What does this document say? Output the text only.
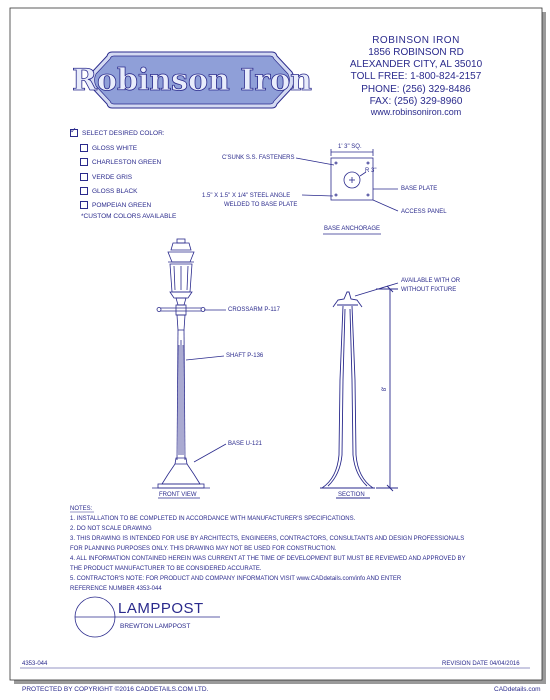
Robinson Iron
ROBINSON IRON
1856 ROBINSON RD
ALEXANDER CITY, AL 35010
TOLL FREE: 1-800-824-2157
PHONE: (256) 329-8486
FAX: (256) 329-8960
www.robinsoniron.com
✓
SELECT DESIRED COLOR:
GLOSS WHITE
CHARLESTON GREEN
VERDE GRIS
GLOSS BLACK
POMPEIAN GREEN
*CUSTOM COLORS AVAILABLE
1' 3" SQ.
R 3"
C'SUNK S.S. FASTENERS
1.5" X 1.5" X 1/4" STEEL ANGLE
WELDED TO BASE PLATE
BASE PLATE
ACCESS PANEL
BASE ANCHORAGE
CROSSARM P-117
SHAFT P-136
BASE U-121
FRONT VIEW
AVAILABLE WITH OR
WITHOUT FIXTURE
8'
SECTION
NOTES:
1. INSTALLATION TO BE COMPLETED IN ACCORDANCE WITH MANUFACTURER'S SPECIFICATIONS.
2. DO NOT SCALE DRAWING
3. THIS DRAWING IS INTENDED FOR USE BY ARCHITECTS, ENGINEERS, CONTRACTORS, CONSULTANTS AND DESIGN PROFESSIONALS
FOR PLANNING PURPOSES ONLY. THIS DRAWING MAY NOT BE USED FOR CONSTRUCTION.
4. ALL INFORMATION CONTAINED HEREIN WAS CURRENT AT THE TIME OF DEVELOPMENT BUT MUST BE REVIEWED AND APPROVED BY
THE PRODUCT MANUFACTURER TO BE CONSIDERED ACCURATE.
5. CONTRACTOR'S NOTE: FOR PRODUCT AND COMPANY INFORMATION VISIT www.CADdetails.com/info AND ENTER
REFERENCE NUMBER 4353-044
LAMPPOST
BREWTON LAMPPOST
4353-044	REVISION DATE 04/04/2016
PROTECTED BY COPYRIGHT ©2016 CADDETAILS.COM LTD.	CADdetails.com
